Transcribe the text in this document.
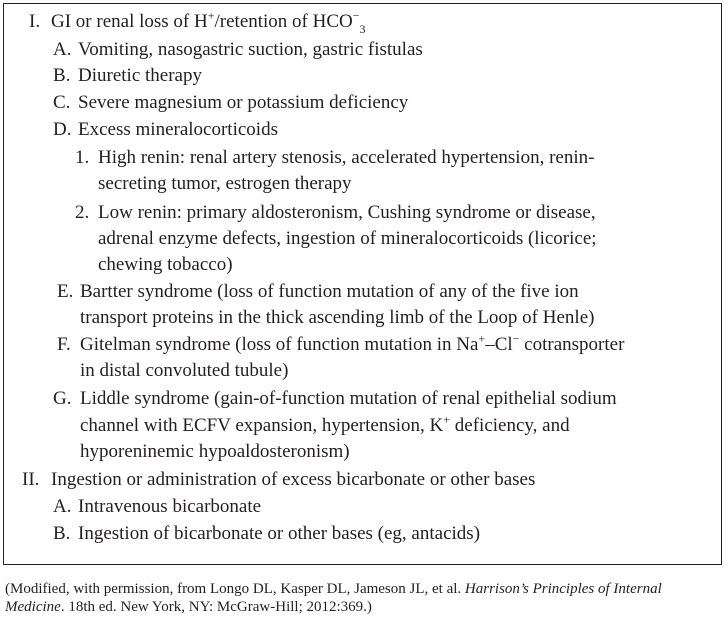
I. GI or renal loss of H+/retention of $HCO^-_3$
A. Vomiting, nasogastric suction, gastric fistulas
B. Diuretic therapy
C. Severe magnesium or potassium deficiency
D. Excess mineralocorticoids
1. High renin: renal artery stenosis, accelerated hypertension, renin-
secreting tumor, estrogen therapy
2. Low renin: primary aldosteronism, Cushing syndrome or disease,
adrenal enzyme defects, ingestion of mineralocorticoids (licorice;
chewing tobacco)
E. Bartter syndrome (loss of function mutation of any of the five ion
transport proteins in the thick ascending limb of the Loop of Henle)
F. Gitelman syndrome (loss of function mutation in Na+–Cl− cotransporter
in distal convoluted tubule)
G. Liddle syndrome (gain-of-function mutation of renal epithelial sodium
channel with ECFV expansion, hypertension, K+ deficiency, and
hyporeninemic hypoaldosteronism)
II. Ingestion or administration of excess bicarbonate or other bases
A. Intravenous bicarbonate
B. Ingestion of bicarbonate or other bases (eg, antacids)
(Modified, with permission, from Longo DL, Kasper DL, Jameson JL, et al. Harrison’s Principles of Internal
Medicine. 18th ed. New York, NY: McGraw-Hill; 2012:369.)
